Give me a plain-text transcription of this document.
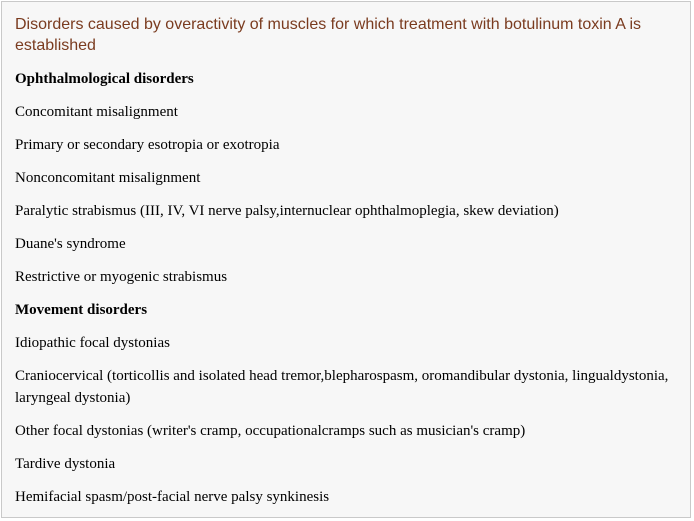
Disorders caused by overactivity of muscles for which treatment with botulinum toxin A is established

Ophthalmological disorders
Concomitant misalignment
Primary or secondary esotropia or exotropia
Nonconcomitant misalignment
Paralytic strabismus (III, IV, VI nerve palsy,internuclear ophthalmoplegia, skew deviation)
Duane's syndrome
Restrictive or myogenic strabismus
Movement disorders
Idiopathic focal dystonias
Craniocervical (torticollis and isolated head tremor,blepharospasm, oromandibular dystonia, lingualdystonia, laryngeal dystonia)
Other focal dystonias (writer's cramp, occupationalcramps such as musician's cramp)
Tardive dystonia
Hemifacial spasm/post-facial nerve palsy synkinesis
